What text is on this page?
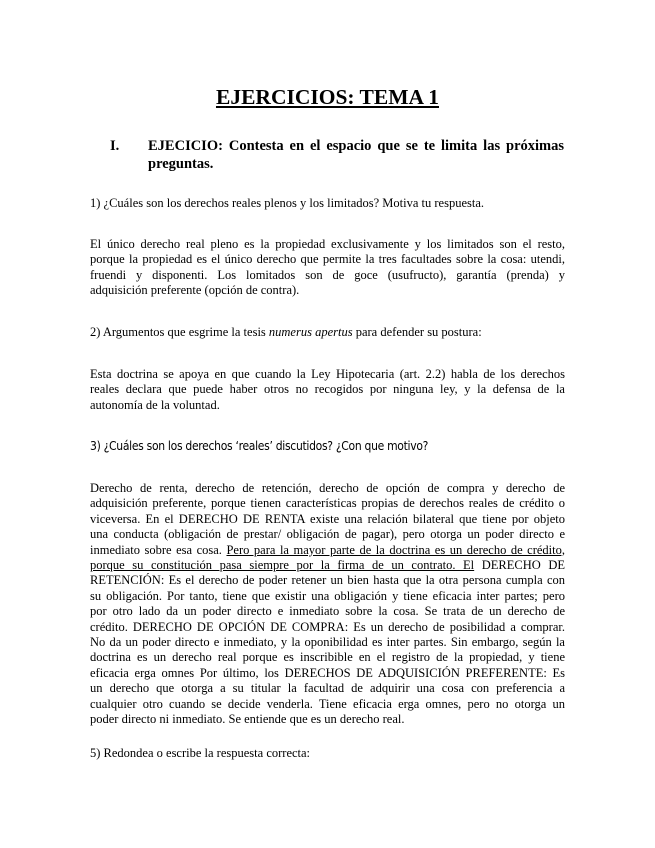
EJERCICIOS: TEMA 1
I. EJECICIO: Contesta en el espacio que se te limita las próximas preguntas.
1) ¿Cuáles son los derechos reales plenos y los limitados? Motiva tu respuesta.
El único derecho real pleno es la propiedad exclusivamente y los limitados son el resto,
porque la propiedad es el único derecho que permite la tres facultades sobre la cosa: utendi,
fruendi y disponenti. Los lomitados son de goce (usufructo), garantía (prenda) y
adquisición preferente (opción de contra).
2) Argumentos que esgrime la tesis numerus apertus para defender su postura:
Esta doctrina se apoya en que cuando la Ley Hipotecaria (art. 2.2) habla de los derechos
reales declara que puede haber otros no recogidos por ninguna ley, y la defensa de la
autonomía de la voluntad.
3) ¿Cuáles son los derechos ‘reales’ discutidos? ¿Con que motivo?
Derecho de renta, derecho de retención, derecho de opción de compra y derecho de
adquisición preferente, porque tienen características propias de derechos reales de crédito o
viceversa. En el DERECHO DE RENTA existe una relación bilateral que tiene por objeto
una conducta (obligación de prestar/ obligación de pagar), pero otorga un poder directo e
inmediato sobre esa cosa. Pero para la mayor parte de la doctrina es un derecho de crédito,
porque su constitución pasa siempre por la firma de un contrato. El DERECHO DE
RETENCIÓN: Es el derecho de poder retener un bien hasta que la otra persona cumpla con
su obligación. Por tanto, tiene que existir una obligación y tiene eficacia inter partes; pero
por otro lado da un poder directo e inmediato sobre la cosa. Se trata de un derecho de
crédito. DERECHO DE OPCIÓN DE COMPRA: Es un derecho de posibilidad a comprar.
No da un poder directo e inmediato, y la oponibilidad es inter partes. Sin embargo, según la
doctrina es un derecho real porque es inscribible en el registro de la propiedad, y tiene
eficacia erga omnes Por último, los DERECHOS DE ADQUISICIÓN PREFERENTE: Es
un derecho que otorga a su titular la facultad de adquirir una cosa con preferencia a
cualquier otro cuando se decide venderla. Tiene eficacia erga omnes, pero no otorga un
poder directo ni inmediato. Se entiende que es un derecho real.
5) Redondea o escribe la respuesta correcta:
